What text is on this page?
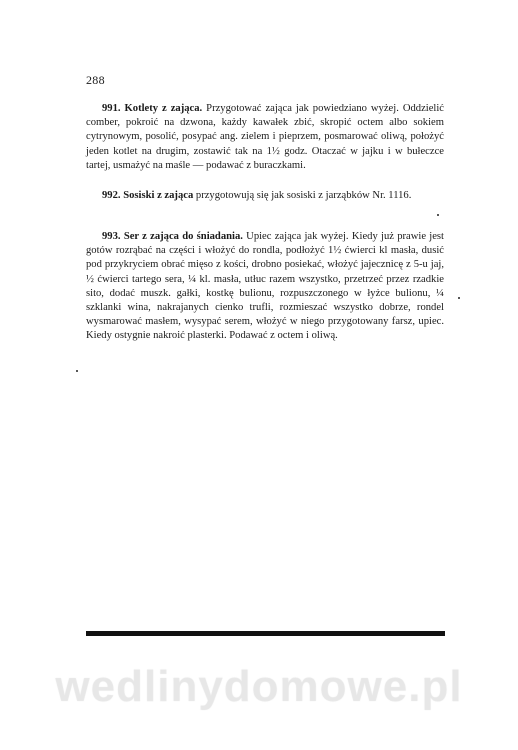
288

991. Kotlety z zająca. Przygotować zająca jak powiedziano wyżej. Oddzielić comber, pokroić na dzwona, każdy kawałek zbić, skropić octem albo sokiem cytrynowym, posolić, posypać ang. zielem i pieprzem, posmarować oliwą, położyć jeden kotlet na drugim, zostawić tak na 1½ godz. Otaczać w jajku i w bułeczce tartej, usmażyć na maśle — podawać z buraczkami.

992. Sosiski z zająca przygotowują się jak sosiski z jarząbków Nr. 1116.

993. Ser z zająca do śniadania. Upiec zająca jak wyżej. Kiedy już prawie jest gotów rozrąbać na części i włożyć do rondla, podłożyć 1½ ćwierci kl masła, dusić pod przykryciem obrać mięso z kości, drobno posiekać, włożyć jajecznicę z 5-u jaj, ½ ćwierci tartego sera, ¼ kl. masła, utłuc razem wszystko, przetrzeć przez rzadkie sito, dodać muszk. gałki, kostkę bulionu, rozpuszczonego w łyżce bulionu, ¼ szklanki wina, nakrajanych cienko trufli, rozmieszać wszystko dobrze, rondel wysmarować masłem, wysypać serem, włożyć w niego przygotowany farsz, upiec. Kiedy ostygnie nakroić plasterki. Podawać z octem i oliwą.

wedlinydomowe.pl
